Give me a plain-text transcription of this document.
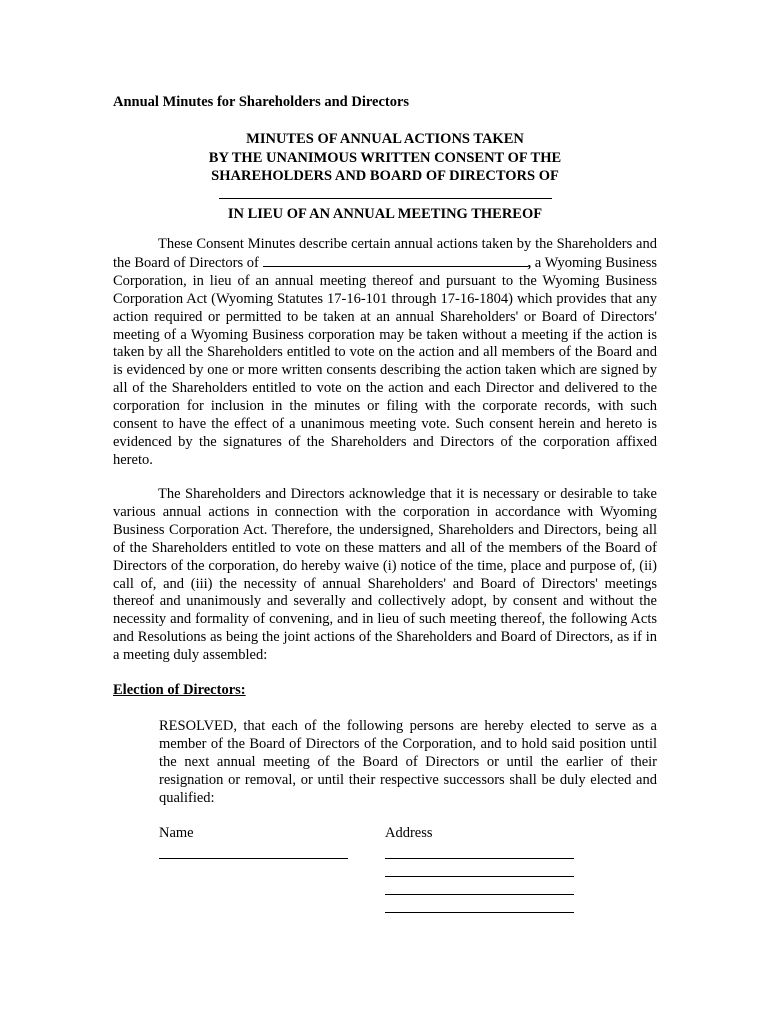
Annual Minutes for Shareholders and Directors
MINUTES OF ANNUAL ACTIONS TAKEN
BY THE UNANIMOUS WRITTEN CONSENT OF THE
SHAREHOLDERS AND BOARD OF DIRECTORS OF
IN LIEU OF AN ANNUAL MEETING THEREOF
These Consent Minutes describe certain annual actions taken by the Shareholders and the Board of Directors of	, a Wyoming Business Corporation, in lieu of an annual meeting thereof and pursuant to the Wyoming Business Corporation Act (Wyoming Statutes 17-16-101 through 17-16-1804) which provides that any action required or permitted to be taken at an annual Shareholders' or Board of Directors' meeting of a Wyoming Business corporation may be taken without a meeting if the action is taken by all the Shareholders entitled to vote on the action and all members of the Board and is evidenced by one or more written consents describing the action taken which are signed by all of the Shareholders entitled to vote on the action and each Director and delivered to the corporation for inclusion in the minutes or filing with the corporate records, with such consent to have the effect of a unanimous meeting vote. Such consent herein and hereto is evidenced by the signatures of the Shareholders and Directors of the corporation affixed hereto.
The Shareholders and Directors acknowledge that it is necessary or desirable to take various annual actions in connection with the corporation in accordance with Wyoming Business Corporation Act. Therefore, the undersigned, Shareholders and Directors, being all of the Shareholders entitled to vote on these matters and all of the members of the Board of Directors of the corporation, do hereby waive (i) notice of the time, place and purpose of, (ii) call of, and (iii) the necessity of annual Shareholders' and Board of Directors' meetings thereof and unanimously and severally and collectively adopt, by consent and without the necessity and formality of convening, and in lieu of such meeting thereof, the following Acts and Resolutions as being the joint actions of the Shareholders and Board of Directors, as if in a meeting duly assembled:
Election of Directors:
RESOLVED, that each of the following persons are hereby elected to serve as a member of the Board of Directors of the Corporation, and to hold said position until the next annual meeting of the Board of Directors or until the earlier of their resignation or removal, or until their respective successors shall be duly elected and qualified:
Name	Address
